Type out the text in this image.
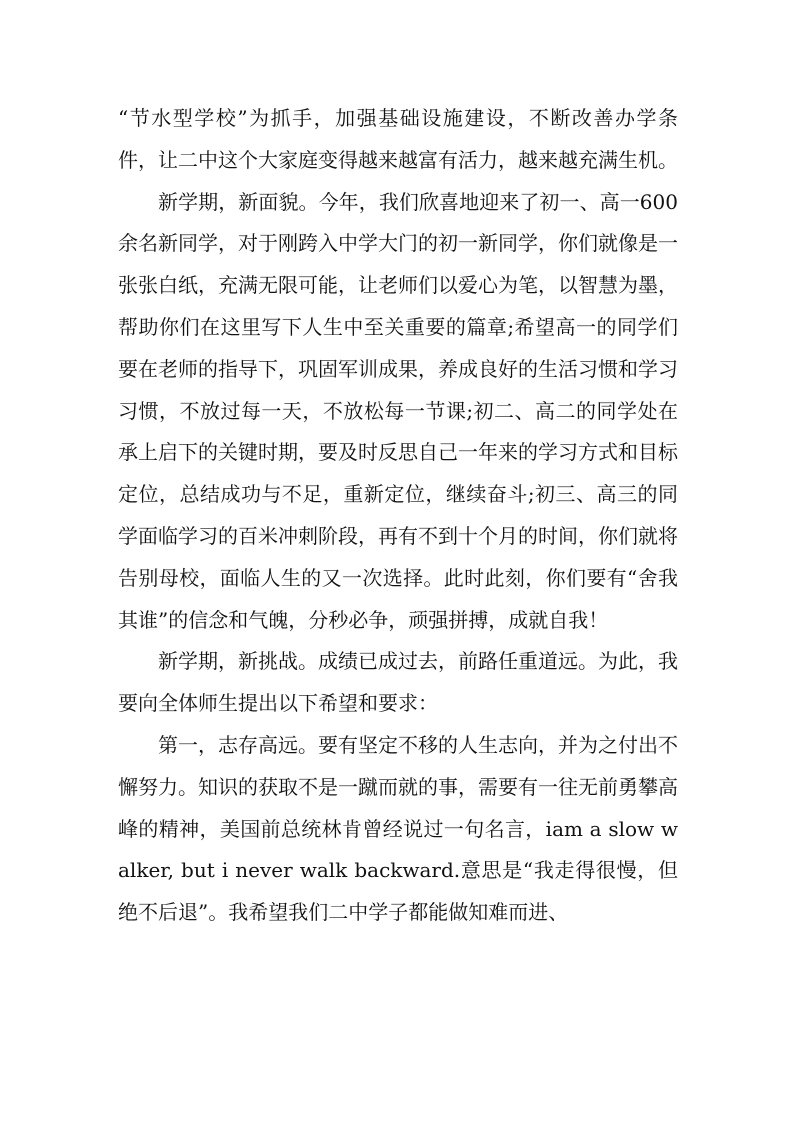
“节水型学校”为抓手，加强基础设施建设，不断改善办学条件，让二中这个大家庭变得越来越富有活力，越来越充满生机。

新学期，新面貌。今年，我们欣喜地迎来了初一、高一600余名新同学，对于刚跨入中学大门的初一新同学，你们就像是一张张白纸，充满无限可能，让老师们以爱心为笔，以智慧为墨，帮助你们在这里写下人生中至关重要的篇章;希望高一的同学们要在老师的指导下，巩固军训成果，养成良好的生活习惯和学习习惯，不放过每一天，不放松每一节课;初二、高二的同学处在承上启下的关键时期，要及时反思自己一年来的学习方式和目标定位，总结成功与不足，重新定位，继续奋斗;初三、高三的同学面临学习的百米冲刺阶段，再有不到十个月的时间，你们就将告别母校，面临人生的又一次选择。此时此刻，你们要有“舍我其谁”的信念和气魄，分秒必争，顽强拼搏，成就自我！

新学期，新挑战。成绩已成过去，前路任重道远。为此，我要向全体师生提出以下希望和要求：

第一，志存高远。要有坚定不移的人生志向，并为之付出不懈努力。知识的获取不是一蹴而就的事，需要有一往无前勇攀高峰的精神，美国前总统林肯曾经说过一句名言，iam a slow walker, but i never walk backward.意思是“我走得很慢，但绝不后退”。我希望我们二中学子都能做知难而进、
